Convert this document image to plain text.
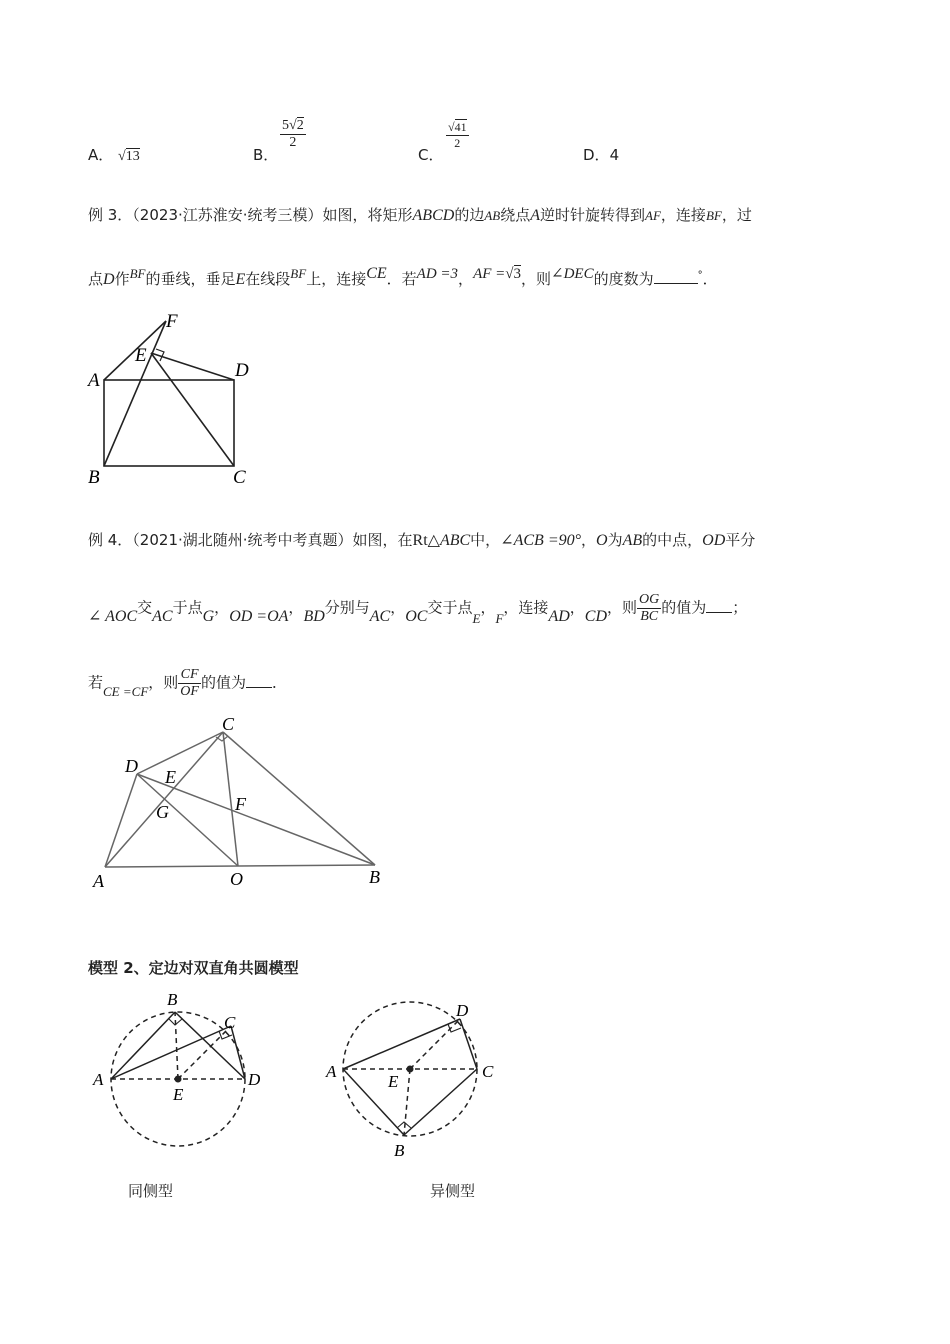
A． √13	B．
$\frac{5√2}{2}$
C．
$\frac{√41}{2}$
D．4
例 3．（2023·江苏淮安·统考三模）如图，将矩形ABCD的边AB绕点A逆时针旋转得到AF，连接BF，过
点D作$^{BF}$的垂线，垂足E在线段$^{BF}$上，连接$^{CE}$．若$^{AD =3}$，$^{AF =√3}$，则$^{\angle DEC}$的度数为	°．
F
E
A	D
B	C
例 4．（2021·湖北随州·统考中考真题）如图，在Rt△ABC中，∠ACB =90°，O为AB的中点，OD平分
∠ AOC交AC于点G，OD =OA，BD分别与AC，OC交于点E，F，连接AD，CD，则 $\frac{OG}{BC}$ 的值为 ；
若CE =CF，则 $\frac{CF}{OF}$ 的值为 ．
C
D
E
G	F
A	O	B
模型 2、定边对双直角共圆模型
B
C
A	D
E
同侧型
D
A
E
C
B
异侧型
